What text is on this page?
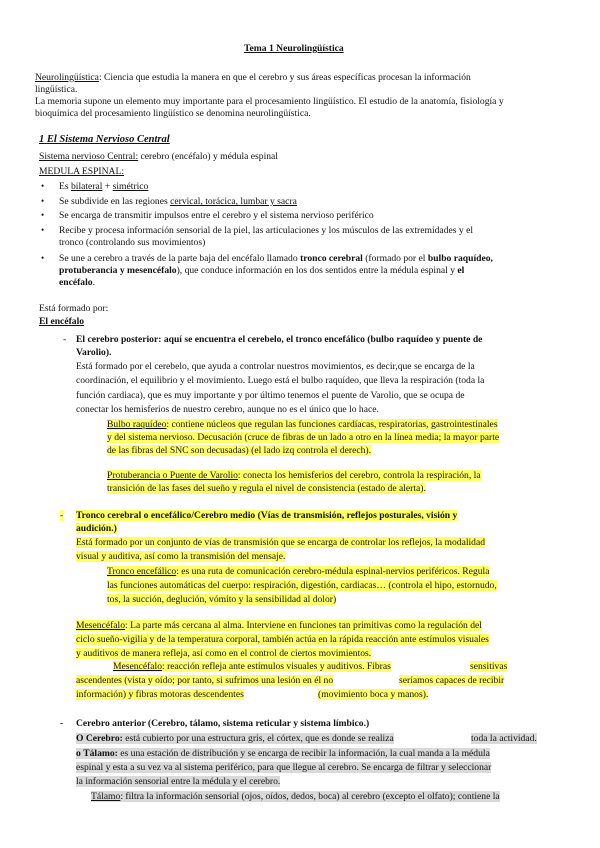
Tema 1 Neurolingüística
Neurolingüística: Ciencia que estudia la manera en que el cerebro y sus áreas específicas procesan la información
lingüística.
La memoria supone un elemento muy importante para el procesamiento lingüístico. El estudio de la anatomía, fisiología y
bioquímica del procesamiento lingüístico se denomina neurolingüística.
1 El Sistema Nervioso Central
Sistema nervioso Central: cerebro (encéfalo) y médula espinal
MEDULA ESPINAL:
• Es bilateral + simétrico
• Se subdivide en las regiones cervical, torácica, lumbar y sacra
• Se encarga de transmitir impulsos entre el cerebro y el sistema nervioso periférico
• Recibe y procesa información sensorial de la piel, las articulaciones y los músculos de las extremidades y el
tronco (controlando sus movimientos)
• Se une a cerebro a través de la parte baja del encéfalo llamado tronco cerebral (formado por el bulbo raquídeo,
protuberancia y mesencéfalo), que conduce información en los dos sentidos entre la médula espinal y el
encéfalo.
Está formado por:
El encéfalo
- El cerebro posterior: aquí se encuentra el cerebelo, el tronco encefálico (bulbo raquídeo y puente de
Varolio).
Está formado por el cerebelo, que ayuda a controlar nuestros movimientos, es decir,que se encarga de la
coordinación, el equilibrio y el movimiento. Luego está el bulbo raquídeo, que lleva la respiración (toda la
función cardiaca), que es muy importante y por último tenemos el puente de Varolio, que se ocupa de
conectar los hemisferios de nuestro cerebro, aunque no es el único que lo hace.
Bulbo raquídeo: contiene núcleos que regulan las funciones cardíacas, respiratorias, gastrointestinales
y del sistema nervioso. Decusación (cruce de fibras de un lado a otro en la línea media; la mayor parte
de las fibras del SNC son decusadas) (el lado izq controla el derech).
Protuberancia o Puente de Varolio: conecta los hemisferios del cerebro, controla la respiración, la
transición de las fases del sueño y regula el nivel de consistencia (estado de alerta).
- Tronco cerebral o encefálico/Cerebro medio (Vías de transmisión, reflejos posturales, visión y
audición.)
Está formado por un conjunto de vías de transmisión que se encarga de controlar los reflejos, la modalidad
visual y auditiva, así como la transmisión del mensaje.
Tronco encefálico: es una ruta de comunicación cerebro-médula espinal-nervios periféricos. Regula
las funciones automáticas del cuerpo: respiración, digestión, cardiacas… (controla el hipo, estornudo,
tos, la succión, deglución, vómito y la sensibilidad al dolor)
Mesencéfalo: La parte más cercana al alma. Interviene en funciones tan primitivas como la regulación del
ciclo sueño-vigilia y de la temperatura corporal, también actúa en la rápida reacción ante estímulos visuales
y auditivos de manera refleja, así como en el control de ciertos movimientos.
Mesencéfalo: reacción refleja ante estímulos visuales y auditivos. Fibras	sensitivas
ascendentes (vista y oído; por tanto, si sufrimos una lesión en él no	seríamos capaces de recibir
información) y fibras motoras descendentes	(movimiento boca y manos).
- Cerebro anterior (Cerebro, tálamo, sistema reticular y sistema límbico.)
O Cerebro: está cubierto por una estructura gris, el córtex, que es donde se realiza	toda la actividad.
o Tálamo: es una estación de distribución y se encarga de recibir la información, la cual manda a la médula
espinal y esta a su vez va al sistema periférico, para que llegue al cerebro. Se encarga de filtrar y seleccionar
la información sensorial entre la médula y el cerebro.
Tálamo: filtra la información sensorial (ojos, oídos, dedos, boca) al cerebro (excepto el olfato); contiene la
